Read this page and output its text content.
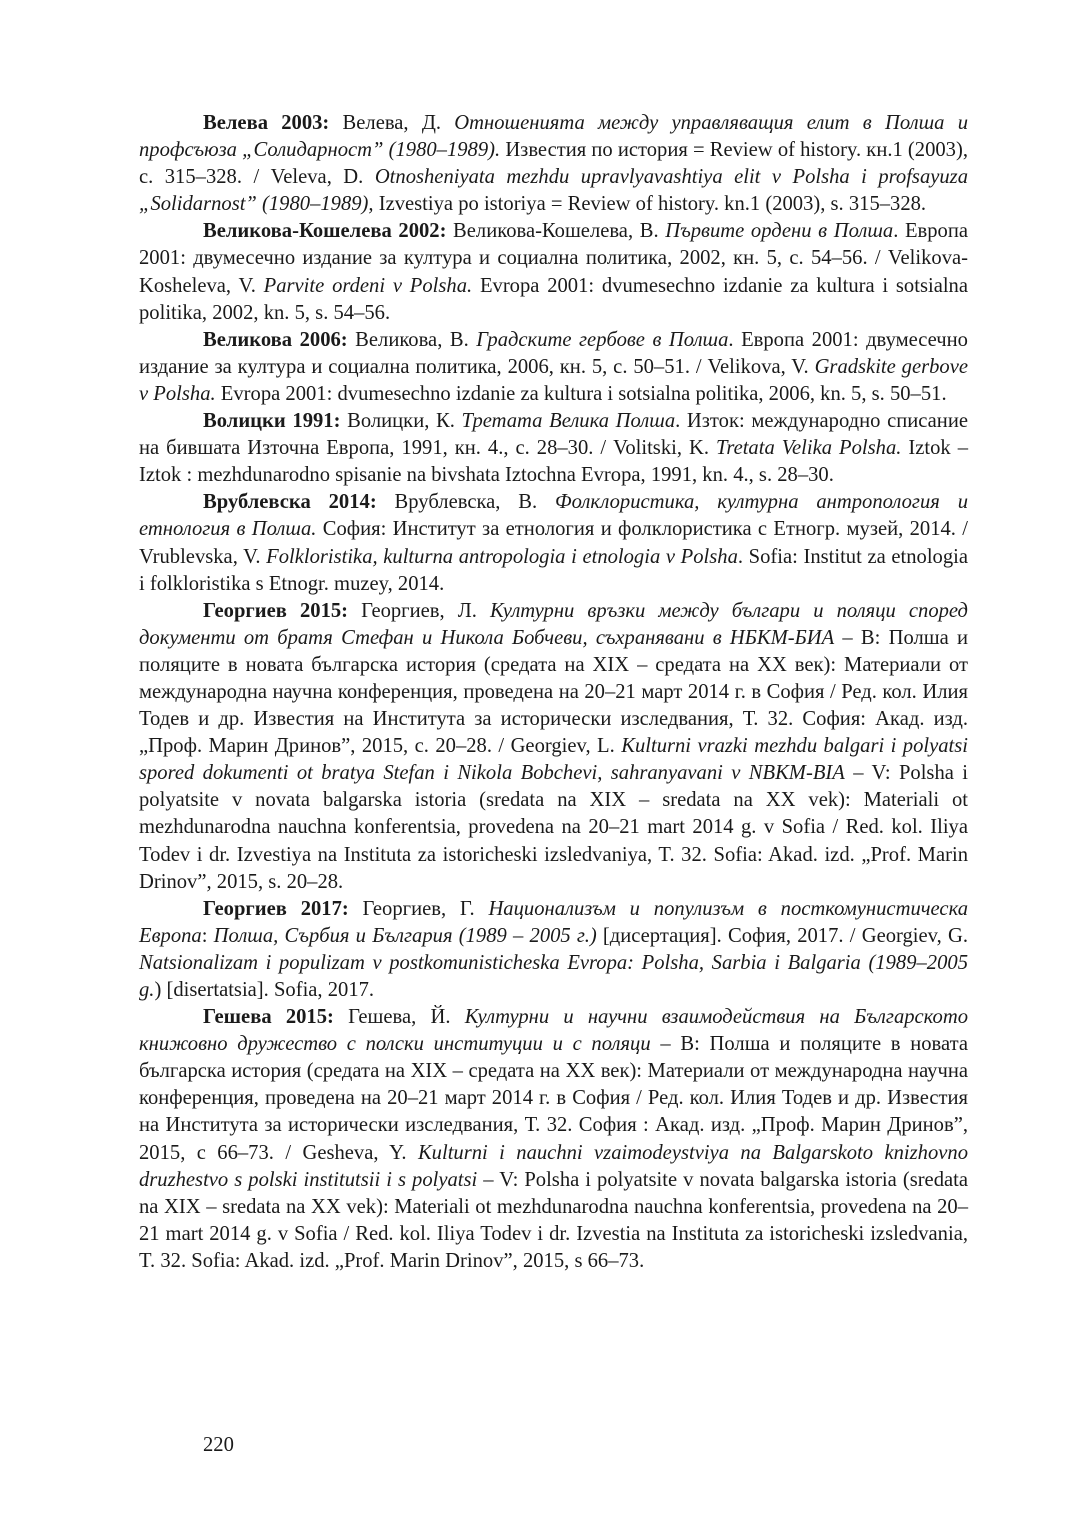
Велева 2003: Велева, Д. Отношенията между управляващия елит в Полша и профсъюза „Солидарност” (1980–1989). Известия по история = Review of history. кн.1 (2003), с. 315–328. / Veleva, D. Otnosheniyata mezhdu upravlyavashtiya elit v Polsha i profsayuza „Solidarnost” (1980–1989), Izvestiya po istoriya = Review of history. kn.1 (2003), s. 315–328.

Великова-Кошелева 2002: Великова-Кошелева, В. Първите ордени в Полша. Европа 2001: двумесечно издание за култура и социална политика, 2002, кн. 5, с. 54–56. / Velikova-Kosheleva, V. Parvite ordeni v Polsha. Evropa 2001: dvumesechno izdanie za kultura i sotsialna politika, 2002, kn. 5, s. 54–56.

Великова 2006: Великова, В. Градските гербове в Полша. Европа 2001: двумесечно издание за култура и социална политика, 2006, кн. 5, с. 50–51. / Velikova, V. Gradskite gerbove v Polsha. Evropa 2001: dvumesechno izdanie za kultura i sotsialna politika, 2006, kn. 5, s. 50–51.

Волицки 1991: Волицки, К. Третата Велика Полша. Изток: международно списание на бившата Източна Европа, 1991, кн. 4., с. 28–30. / Volitski, K. Tretata Velika Polsha. Iztok – Iztok : mezhdunarodno spisanie na bivshata Iztochna Evropa, 1991, kn. 4., s. 28–30.

Врублевска 2014: Врублевска, В. Фолклористика, културна антропология и етнология в Полша. София: Институт за етнология и фолклористика с Етногр. музей, 2014. / Vrublevska, V. Folkloristika, kulturna antropologia i etnologia v Polsha. Sofia: Institut za etnologia i folkloristika s Etnogr. muzey, 2014.

Георгиев 2015: Георгиев, Л. Културни връзки между българи и поляци според документи от братя Стефан и Никола Бобчеви, съхранявани в НБКМ-БИА – В: Полша и поляците в новата българска история (средата на XIX – средата на XX век): Материали от международна научна конференция, проведена на 20–21 март 2014 г. в София / Ред. кол. Илия Тодев и др. Известия на Института за исторически изследвания, Т. 32. София: Акад. изд. „Проф. Марин Дринов”, 2015, с. 20–28. / Georgiev, L. Kulturni vrazki mezhdu balgari i polyatsi spored dokumenti ot bratya Stefan i Nikola Bobchevi, sahranyavani v NBKM-BIA – V: Polsha i polyatsite v novata balgarska istoria (sredata na XIX – sredata na XX vek): Materiali ot mezhdunarodna nauchna konferentsia, provedena na 20–21 mart 2014 g. v Sofia / Red. kol. Iliya Todev i dr. Izvestiya na Instituta za istoricheski izsledvaniya, T. 32. Sofia: Akad. izd. „Prof. Marin Drinov”, 2015, s. 20–28.

Георгиев 2017: Георгиев, Г. Национализъм и популизъм в посткомунистическа Европа: Полша, Сърбия и България (1989 – 2005 г.) [дисертация]. София, 2017. / Georgiev, G. Natsionalizam i populizam v postkomunisticheska Evropa: Polsha, Sarbia i Balgaria (1989–2005 g.) [disertatsia]. Sofia, 2017.

Гешева 2015: Гешева, Й. Културни и научни взаимодействия на Българското книжовно дружество с полски институции и с поляци – В: Полша и поляците в новата българска история (средата на XIX – средата на XX век): Материали от международна научна конференция, проведена на 20–21 март 2014 г. в София / Ред. кол. Илия Тодев и др. Известия на Института за исторически изследвания, Т. 32. София : Акад. изд. „Проф. Марин Дринов”, 2015, с 66–73. / Gesheva, Y. Kulturni i nauchni vzaimodeystviya na Balgarskoto knizhovno druzhestvo s polski institutsii i s polyatsi – V: Polsha i polyatsite v novata balgarska istoria (sredata na XIX – sredata na XX vek): Materiali ot mezhdunarodna nauchna konferentsia, provedena na 20–21 mart 2014 g. v Sofia / Red. kol. Iliya Todev i dr. Izvestia na Instituta za istoricheski izsledvania, T. 32. Sofia: Akad. izd. „Prof. Marin Drinov”, 2015, s 66–73.

220
